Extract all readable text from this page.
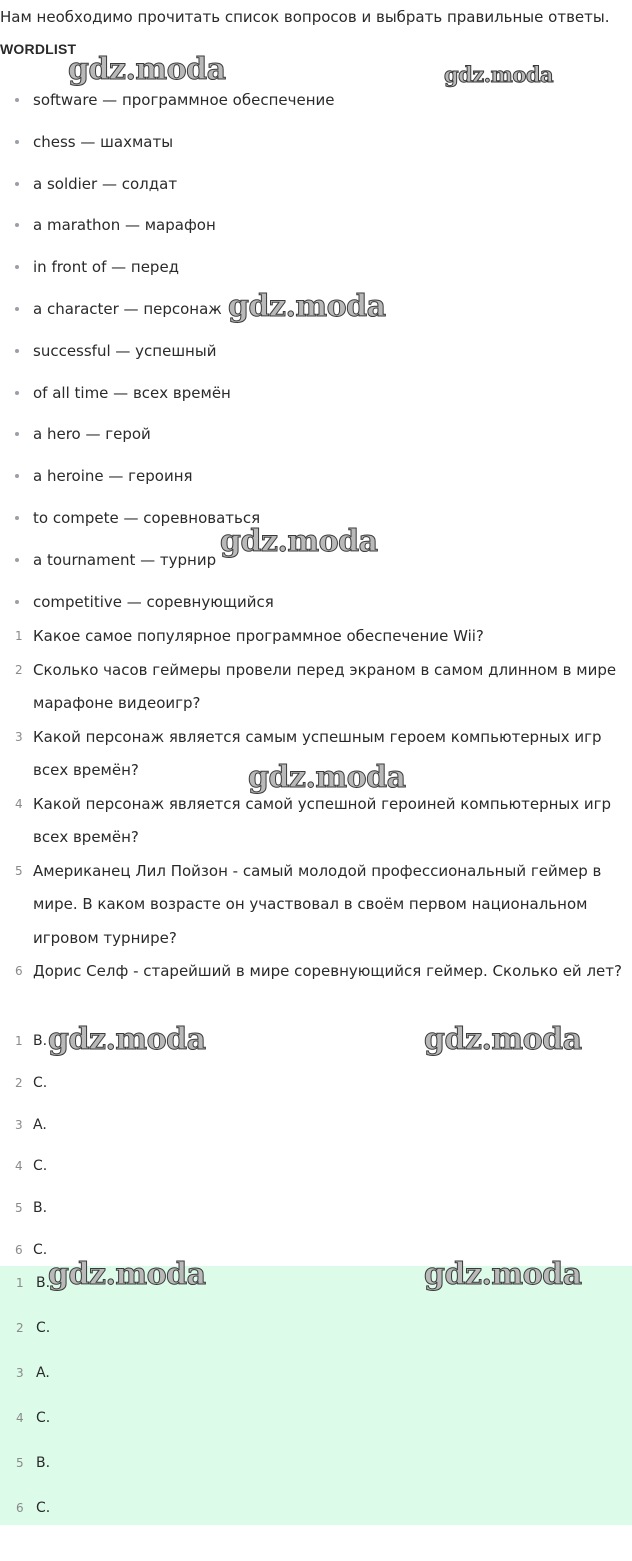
Нам необходимо прочитать список вопросов и выбрать правильные ответы.

WORDLIST

software — программное обеспечение
chess — шахматы
a soldier — солдат
a marathon — марафон
in front of — перед
a character — персонаж
successful — успешный
of all time — всех времён
a hero — герой
a heroine — героиня
to compete — соревноваться
a tournament — турнир
competitive — соревнующийся
1 Какое самое популярное программное обеспечение Wii?
2 Сколько часов геймеры провели перед экраном в самом длинном в мире марафоне видеоигр?
3 Какой персонаж является самым успешным героем компьютерных игр всех времён?
4 Какой персонаж является самой успешной героиней компьютерных игр всех времён?
5 Американец Лил Пойзон - самый молодой профессиональный геймер в мире. В каком возрасте он участвовал в своём первом национальном игровом турнире?
6 Дорис Селф - старейший в мире соревнующийся геймер. Сколько ей лет?
1 B.
2 C.
3 A.
4 C.
5 B.
6 C.
1 B.
2 C.
3 A.
4 C.
5 B.
6 C.
gdz.moda	gdz.moda
gdz.moda
gdz.moda
gdz.moda
gdz.moda	gdz.moda
gdz.moda	gdz.moda
